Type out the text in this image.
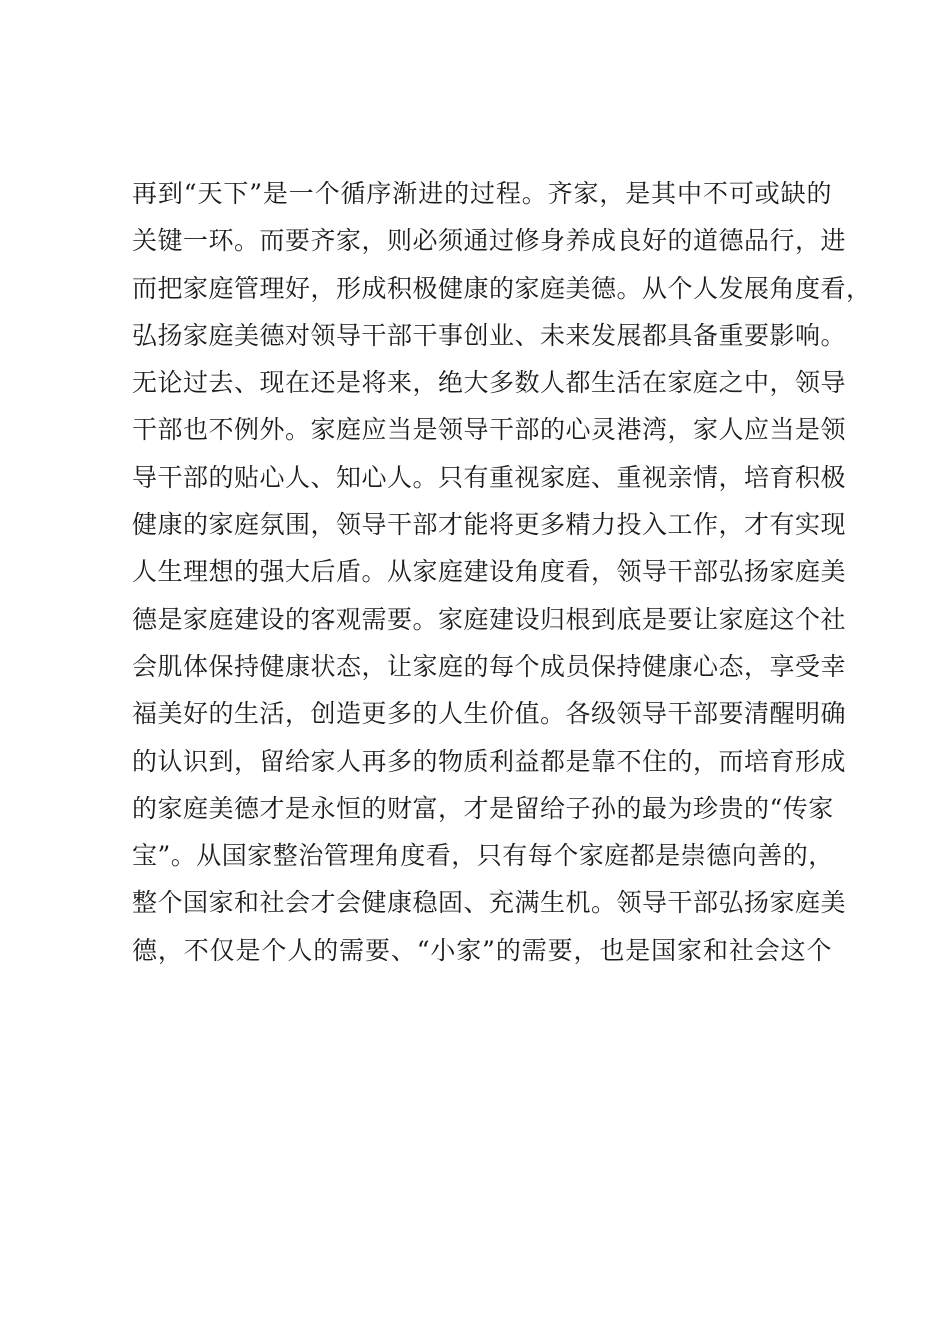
再到“天下”是一个循序渐进的过程。齐家，是其中不可或缺的
关键一环。而要齐家，则必须通过修身养成良好的道德品行，进
而把家庭管理好，形成积极健康的家庭美德。从个人发展角度看，
弘扬家庭美德对领导干部干事创业、未来发展都具备重要影响。
无论过去、现在还是将来，绝大多数人都生活在家庭之中，领导
干部也不例外。家庭应当是领导干部的心灵港湾，家人应当是领
导干部的贴心人、知心人。只有重视家庭、重视亲情，培育积极
健康的家庭氛围，领导干部才能将更多精力投入工作，才有实现
人生理想的强大后盾。从家庭建设角度看，领导干部弘扬家庭美
德是家庭建设的客观需要。家庭建设归根到底是要让家庭这个社
会肌体保持健康状态，让家庭的每个成员保持健康心态，享受幸
福美好的生活，创造更多的人生价值。各级领导干部要清醒明确
的认识到，留给家人再多的物质利益都是靠不住的，而培育形成
的家庭美德才是永恒的财富，才是留给子孙的最为珍贵的“传家
宝”。从国家整治管理角度看，只有每个家庭都是崇德向善的，
整个国家和社会才会健康稳固、充满生机。领导干部弘扬家庭美
德，不仅是个人的需要、“小家”的需要，也是国家和社会这个
